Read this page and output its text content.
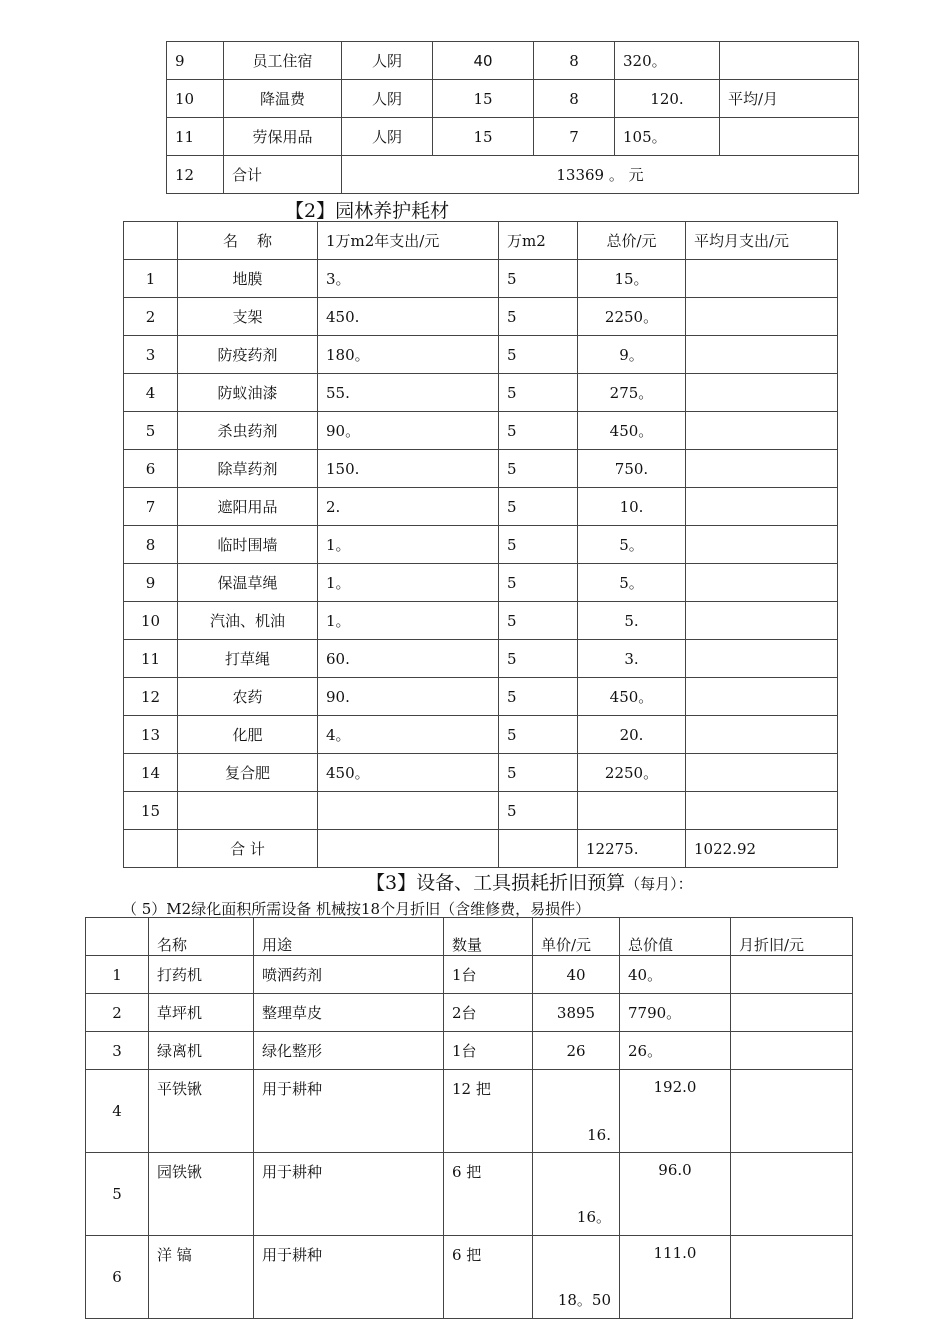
9	员工住宿	人阴	40	8	320。	
10	降温费	人阴	15	8	120.	平均/月
11	劳保用品	人阴	15	7	105。	
12	合计	13369 。 元				
【2】园林养护耗材
	名    称	1万m2年支出/元	万m2	总价/元	平均月支出/元
1	地膜	3。	5	15。	
2	支架	450.	5	2250。	
3	防疫药剂	180。	5	9。	
4	防蚁油漆	55.	5	275。	
5	杀虫药剂	90。	5	450。	
6	除草药剂	150.	5	750.	
7	遮阳用品	2.	5	10.	
8	临时围墙	1。	5	5。	
9	保温草绳	1。	5	5。	
10	汽油、机油	1。	5	5.	
11	打草绳	60.	5	3.	
12	农药	90.	5	450。	
13	化肥	4。	5	20.	
14	复合肥	450。	5	2250。	
15			5		
	合 计			12275.	1022.92
【3】设备、工具损耗折旧预算（每月）：
（ 5）M2绿化面积所需设备 机械按18个月折旧（含维修费，易损件）
	名称	用途	数量	单价/元	总价值	月折旧/元
1	打药机	喷洒药剂	1台	40	40。	
2	草坪机	整理草皮	2台	3895	7790。	
3	绿离机	绿化整形	1台	26	26。	
4	平铁锹	用于耕种	12 把	16.	192.0	
5	园铁锹	用于耕种	6 把	16。	96.0	
6	洋 镐	用于耕种	6 把	18。50	111.0	
